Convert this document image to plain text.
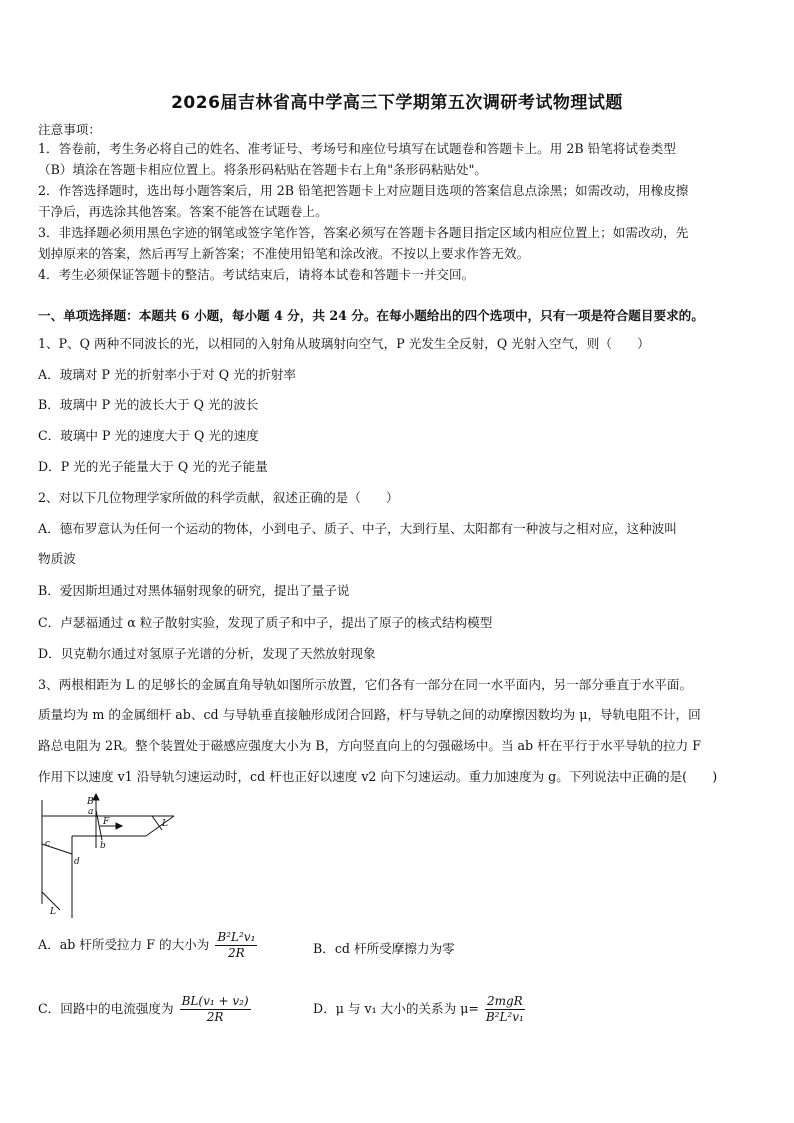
2026届吉林省高中学高三下学期第五次调研考试物理试题
注意事项：
1．答卷前，考生务必将自己的姓名、准考证号、考场号和座位号填写在试题卷和答题卡上。用 2B 铅笔将试卷类型
（B）填涂在答题卡相应位置上。将条形码粘贴在答题卡右上角"条形码粘贴处"。
2．作答选择题时，选出每小题答案后，用 2B 铅笔把答题卡上对应题目选项的答案信息点涂黑；如需改动，用橡皮擦
干净后，再选涂其他答案。答案不能答在试题卷上。
3．非选择题必须用黑色字迹的钢笔或签字笔作答，答案必须写在答题卡各题目指定区域内相应位置上；如需改动，先
划掉原来的答案，然后再写上新答案；不准使用铅笔和涂改液。不按以上要求作答无效。
4．考生必须保证答题卡的整洁。考试结束后，请将本试卷和答题卡一并交回。
一、单项选择题：本题共 6 小题，每小题 4 分，共 24 分。在每小题给出的四个选项中，只有一项是符合题目要求的。
1、P、Q 两种不同波长的光，以相同的入射角从玻璃射向空气，P 光发生全反射，Q 光射入空气，则（　　）
A．玻璃对 P 光的折射率小于对 Q 光的折射率
B．玻璃中 P 光的波长大于 Q 光的波长
C．玻璃中 P 光的速度大于 Q 光的速度
D．P 光的光子能量大于 Q 光的光子能量
2、对以下几位物理学家所做的科学贡献，叙述正确的是（　　）
A．德布罗意认为任何一个运动的物体，小到电子、质子、中子，大到行星、太阳都有一种波与之相对应，这种波叫
物质波
B．爱因斯坦通过对黑体辐射现象的研究，提出了量子说
C．卢瑟福通过 α 粒子散射实验，发现了质子和中子，提出了原子的核式结构模型
D．贝克勒尔通过对氢原子光谱的分析，发现了天然放射现象
3、两根相距为 L 的足够长的金属直角导轨如图所示放置，它们各有一部分在同一水平面内，另一部分垂直于水平面。
质量均为 m 的金属细杆 ab、cd 与导轨垂直接触形成闭合回路，杆与导轨之间的动摩擦因数均为 μ，导轨电阻不计，回
路总电阻为 2R。整个装置处于磁感应强度大小为 B，方向竖直向上的匀强磁场中。当 ab 杆在平行于水平导轨的拉力 F
作用下以速度 v1 沿导轨匀速运动时，cd 杆也正好以速度 v2 向下匀速运动。重力加速度为 g。下列说法中正确的是(　　)
B
a
F
b
c
d
L
L
A．ab 杆所受拉力 F 的大小为 $\frac{\text{B²L²v₁}}{2R}$	B．cd 杆所受摩擦力为零
C．回路中的电流强度为 $\frac{\text{BL(v₁ + v₂)}}{2R}$	D．μ 与 v₁ 大小的关系为 $\mu= \frac{\text{2mgR}}{\text{B²L²v₁}}$
